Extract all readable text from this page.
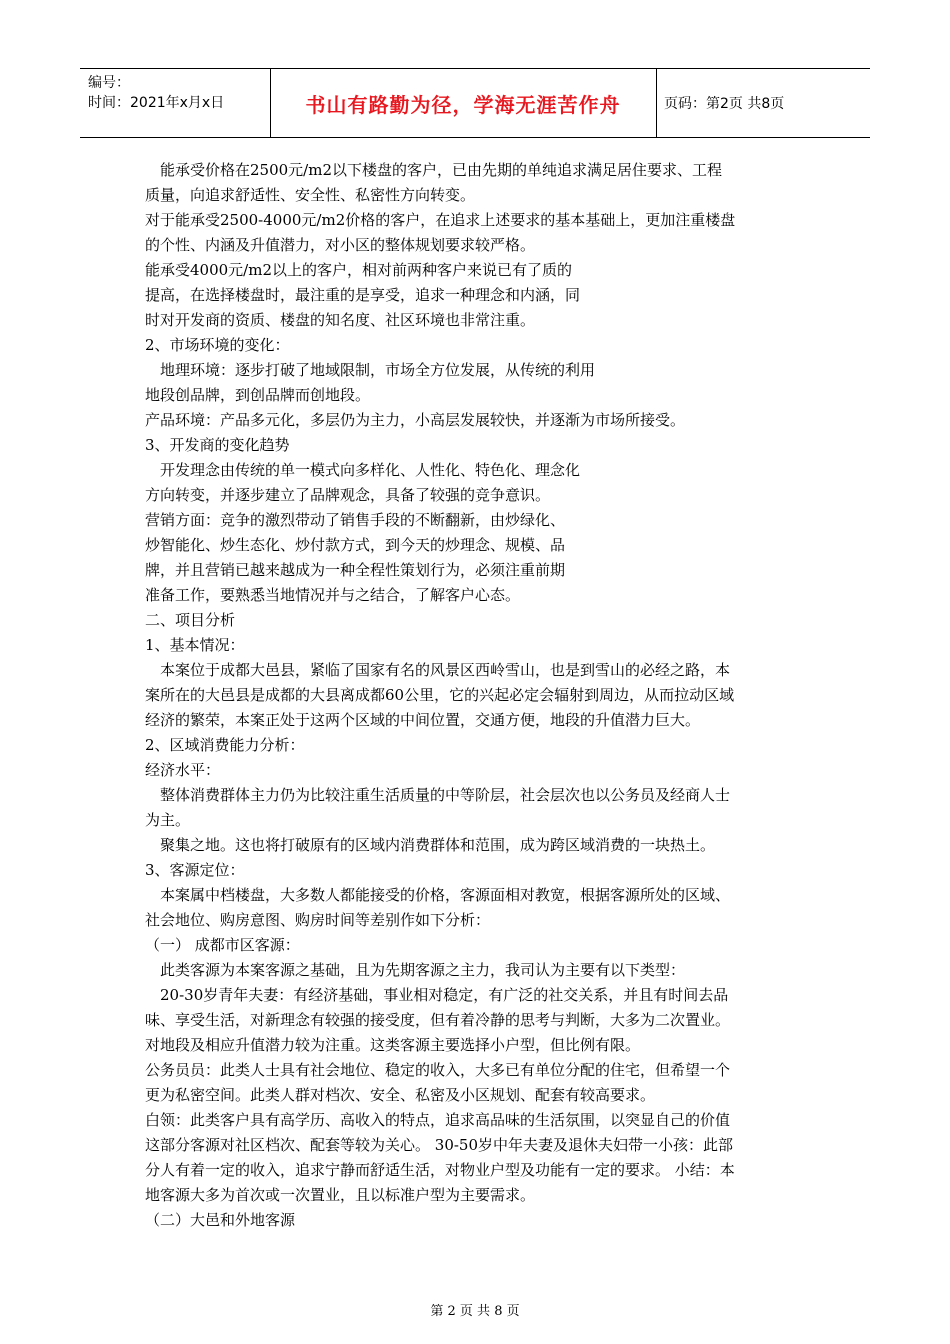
编号：
时间：2021年x月x日	书山有路勤为径，学海无涯苦作舟	页码：第2页 共8页
　能承受价格在2500元/m2以下楼盘的客户，已由先期的单纯追求满足居住要求、工程
质量，向追求舒适性、安全性、私密性方向转变。
对于能承受2500-4000元/m2价格的客户，在追求上述要求的基本基础上，更加注重楼盘
的个性、内涵及升值潜力，对小区的整体规划要求较严格。
能承受4000元/m2以上的客户，相对前两种客户来说已有了质的
提高，在选择楼盘时，最注重的是享受，追求一种理念和内涵，同
时对开发商的资质、楼盘的知名度、社区环境也非常注重。
2、市场环境的变化：
　地理环境：逐步打破了地域限制，市场全方位发展，从传统的利用
地段创品牌，到创品牌而创地段。
产品环境：产品多元化，多层仍为主力，小高层发展较快，并逐渐为市场所接受。
3、开发商的变化趋势
　开发理念由传统的单一模式向多样化、人性化、特色化、理念化
方向转变，并逐步建立了品牌观念，具备了较强的竞争意识。
营销方面：竞争的激烈带动了销售手段的不断翻新，由炒绿化、
炒智能化、炒生态化、炒付款方式，到今天的炒理念、规模、品
牌，并且营销已越来越成为一种全程性策划行为，必须注重前期
准备工作，要熟悉当地情况并与之结合，了解客户心态。
二、项目分析
1、基本情况：
　本案位于成都大邑县，紧临了国家有名的风景区西岭雪山，也是到雪山的必经之路，本
案所在的大邑县是成都的大县离成都60公里，它的兴起必定会辐射到周边，从而拉动区域
经济的繁荣，本案正处于这两个区域的中间位置，交通方便，地段的升值潜力巨大。
2、区域消费能力分析：
经济水平：
　整体消费群体主力仍为比较注重生活质量的中等阶层，社会层次也以公务员及经商人士
为主。
　聚集之地。这也将打破原有的区域内消费群体和范围，成为跨区域消费的一块热土。
3、客源定位：
　本案属中档楼盘，大多数人都能接受的价格，客源面相对教宽，根据客源所处的区域、
社会地位、购房意图、购房时间等差别作如下分析：
（一） 成都市区客源：
　此类客源为本案客源之基础，且为先期客源之主力，我司认为主要有以下类型：
　20-30岁青年夫妻：有经济基础，事业相对稳定，有广泛的社交关系，并且有时间去品
味、享受生活，对新理念有较强的接受度，但有着冷静的思考与判断，大多为二次置业。
对地段及相应升值潜力较为注重。这类客源主要选择小户型，但比例有限。
公务员员：此类人士具有社会地位、稳定的收入，大多已有单位分配的住宅，但希望一个
更为私密空间。此类人群对档次、安全、私密及小区规划、配套有较高要求。
白领：此类客户具有高学历、高收入的特点，追求高品味的生活氛围，以突显自己的价值
这部分客源对社区档次、配套等较为关心。 30-50岁中年夫妻及退休夫妇带一小孩：此部
分人有着一定的收入，追求宁静而舒适生活，对物业户型及功能有一定的要求。 小结：本
地客源大多为首次或一次置业，且以标准户型为主要需求。
（二）大邑和外地客源
第 2 页 共 8 页
